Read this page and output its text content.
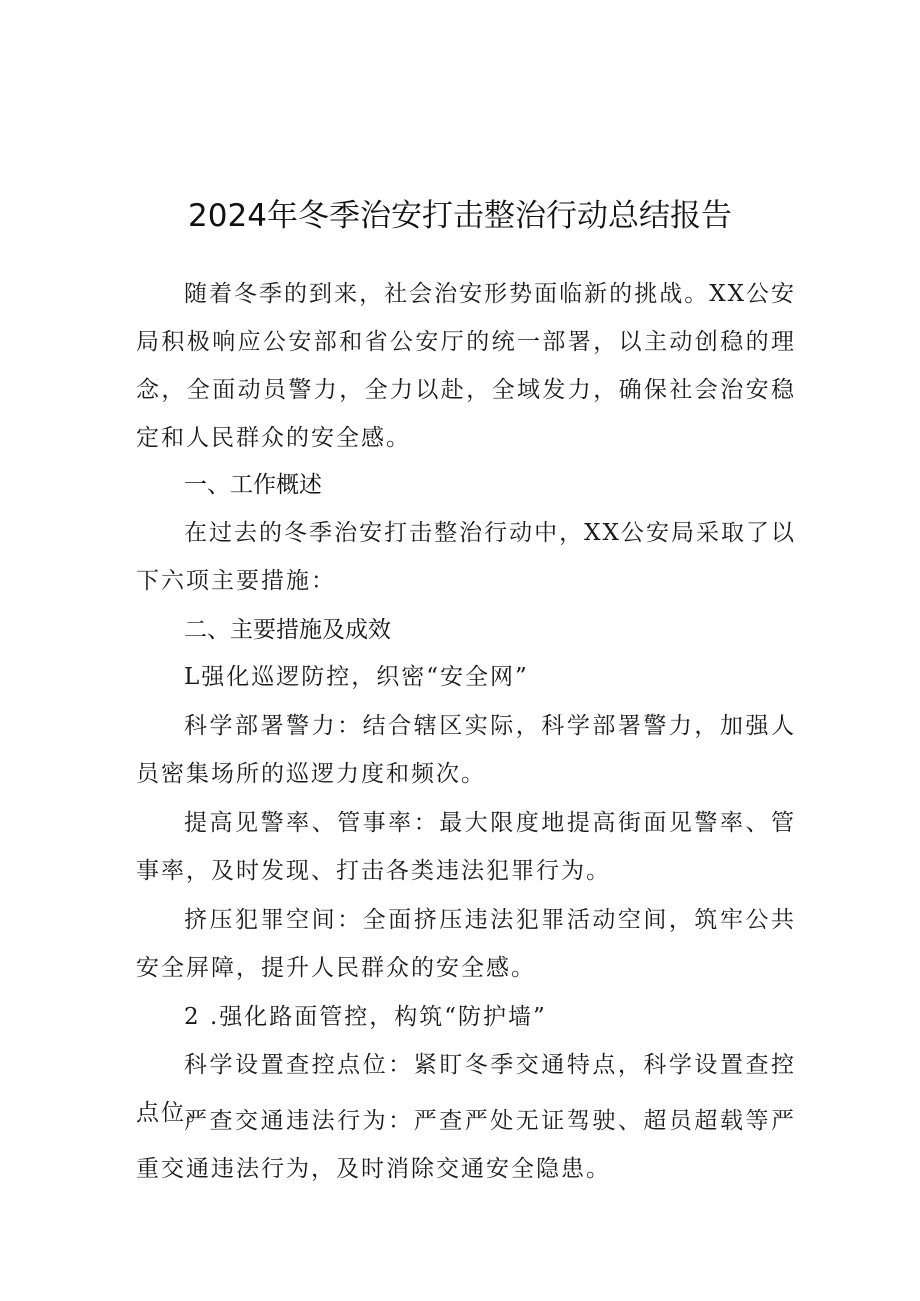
2024年冬季治安打击整治行动总结报告

随着冬季的到来，社会治安形势面临新的挑战。XX公安局积极响应公安部和省公安厅的统一部署，以主动创稳的理念，全面动员警力，全力以赴，全域发力，确保社会治安稳定和人民群众的安全感。

一、工作概述

在过去的冬季治安打击整治行动中，XX公安局采取了以下六项主要措施：

二、主要措施及成效

L强化巡逻防控，织密“安全网”

科学部署警力：结合辖区实际，科学部署警力，加强人员密集场所的巡逻力度和频次。

提高见警率、管事率：最大限度地提高街面见警率、管事率，及时发现、打击各类违法犯罪行为。

挤压犯罪空间：全面挤压违法犯罪活动空间，筑牢公共安全屏障，提升人民群众的安全感。

2 .强化路面管控，构筑“防护墙”

科学设置查控点位：紧盯冬季交通特点，科学设置查控点位。

严查交通违法行为：严查严处无证驾驶、超员超载等严重交通违法行为，及时消除交通安全隐患。
